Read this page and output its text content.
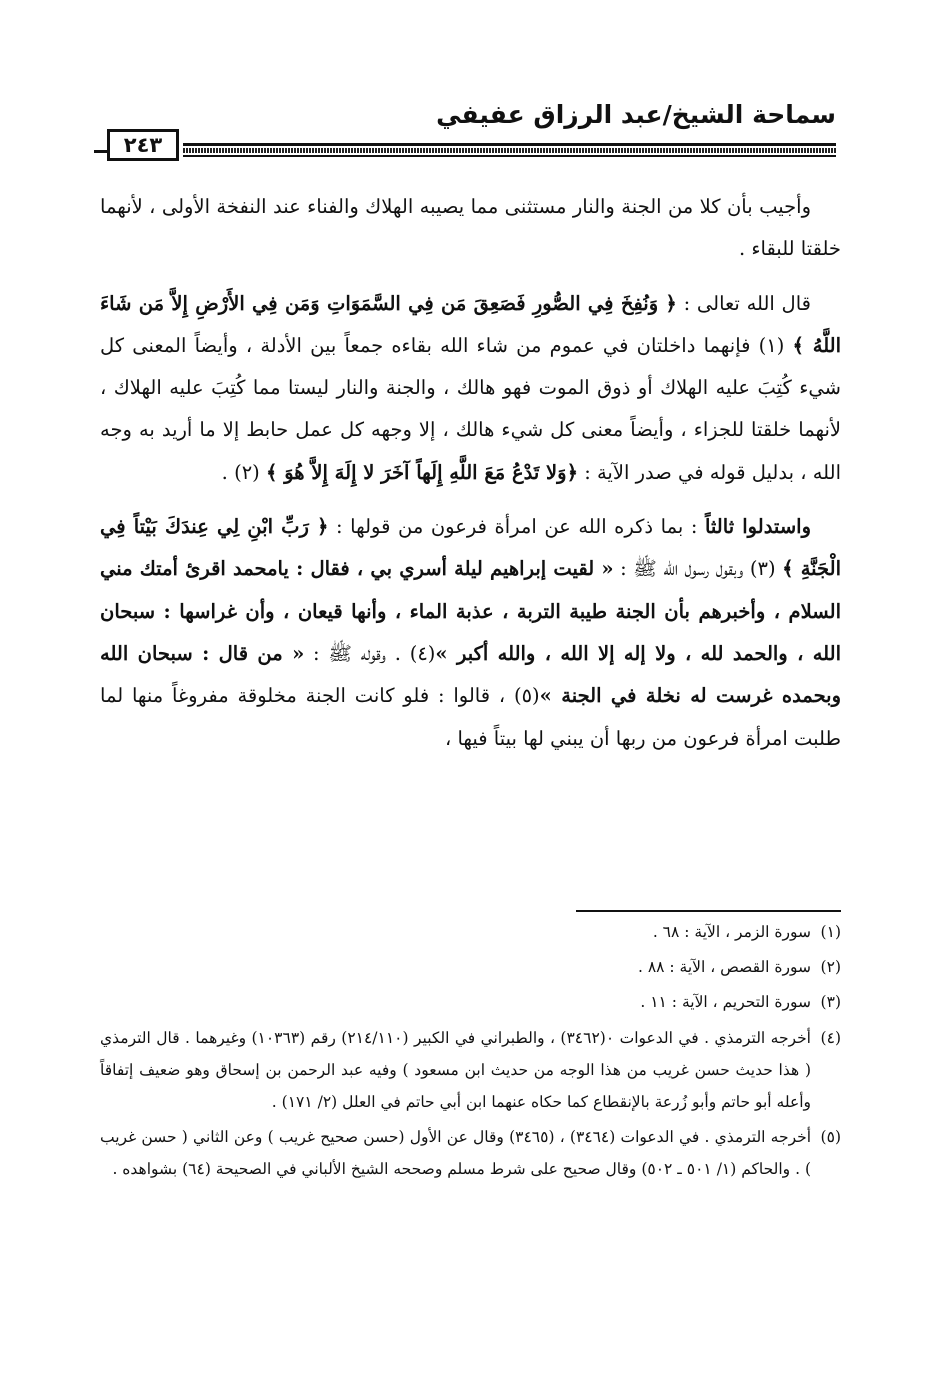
سماحة الشيخ/عبد الرزاق عفيفي
٢٤٣

وأجيب بأن كلا من الجنة والنار مستثنى مما يصيبه الهلاك والفناء عند النفخة الأولى ، لأنهما خلقتا للبقاء .

قال الله تعالى : ﴿ وَنُفِخَ فِي الصُّورِ فَصَعِقَ مَن فِي السَّمَوَاتِ وَمَن فِي الأَرْضِ إِلاَّ مَن شَاءَ اللَّهُ ﴾ (١) فإنهما داخلتان في عموم من شاء الله بقاءه جمعاً بين الأدلة ، وأيضاً المعنى كل شيء كُتِبَ عليه الهلاك أو ذوق الموت فهو هالك ، والجنة والنار ليستا مما كُتِبَ عليه الهلاك ، لأنهما خلقتا للجزاء ، وأيضاً معنى كل شيء هالك ، إلا وجهه كل عمل حابط إلا ما أريد به وجه الله ، بدليل قوله في صدر الآية : ﴿وَلا تَدْعُ مَعَ اللَّهِ إِلَهاً آخَرَ لا إِلَهَ إِلاَّ هُوَ ﴾ (٢) .

واستدلوا ثالثاً : بما ذكره الله عن امرأة فرعون من قولها : ﴿ رَبِّ ابْنِ لِي عِندَكَ بَيْتاً فِي الْجَنَّةِ ﴾ (٣) وبقول رسول الله ﷺ : « لقيت إبراهيم ليلة أسري بي ، فقال : يامحمد اقرئ أمتك مني السلام ، وأخبرهم بأن الجنة طيبة التربة ، عذبة الماء ، وأنها قيعان ، وأن غراسها : سبحان الله ، والحمد لله ، ولا إله إلا الله ، والله أكبر »(٤) . وقوله ﷺ : « من قال : سبحان الله وبحمده غرست له نخلة في الجنة »(٥) ، قالوا : فلو كانت الجنة مخلوقة مفروغاً منها لما طلبت امرأة فرعون من ربها أن يبني لها بيتاً فيها ،

(١)
سورة الزمر ، الآية : ٦٨ .

(٢)
سورة القصص ، الآية : ٨٨ .

(٣)
سورة التحريم ، الآية : ١١ .

(٤)
أخرجه الترمذي . في الدعوات ٠(٣٤٦٢) ، والطبراني في الكبير (٢١٤/١١٠) رقم (١٠٣٦٣) وغيرهما . قال الترمذي ( هذا حديث حسن غريب من هذا الوجه من حديث ابن مسعود ) وفيه عبد الرحمن بن إسحاق وهو ضعيف إتفاقاً وأعله أبو حاتم وأبو زُرعة بالإنقطاع كما حكاه عنهما ابن أبي حاتم في العلل (٢/ ١٧١) .

(٥)
أخرجه الترمذي . في الدعوات (٣٤٦٤) ، (٣٤٦٥) وقال عن الأول (حسن صحيح غريب ) وعن الثاني ( حسن غريب ) . والحاكم (١/ ٥٠١ ـ ٥٠٢) وقال صحيح على شرط مسلم وصححه الشيخ الألباني في الصحيحة (٦٤) بشواهده .
